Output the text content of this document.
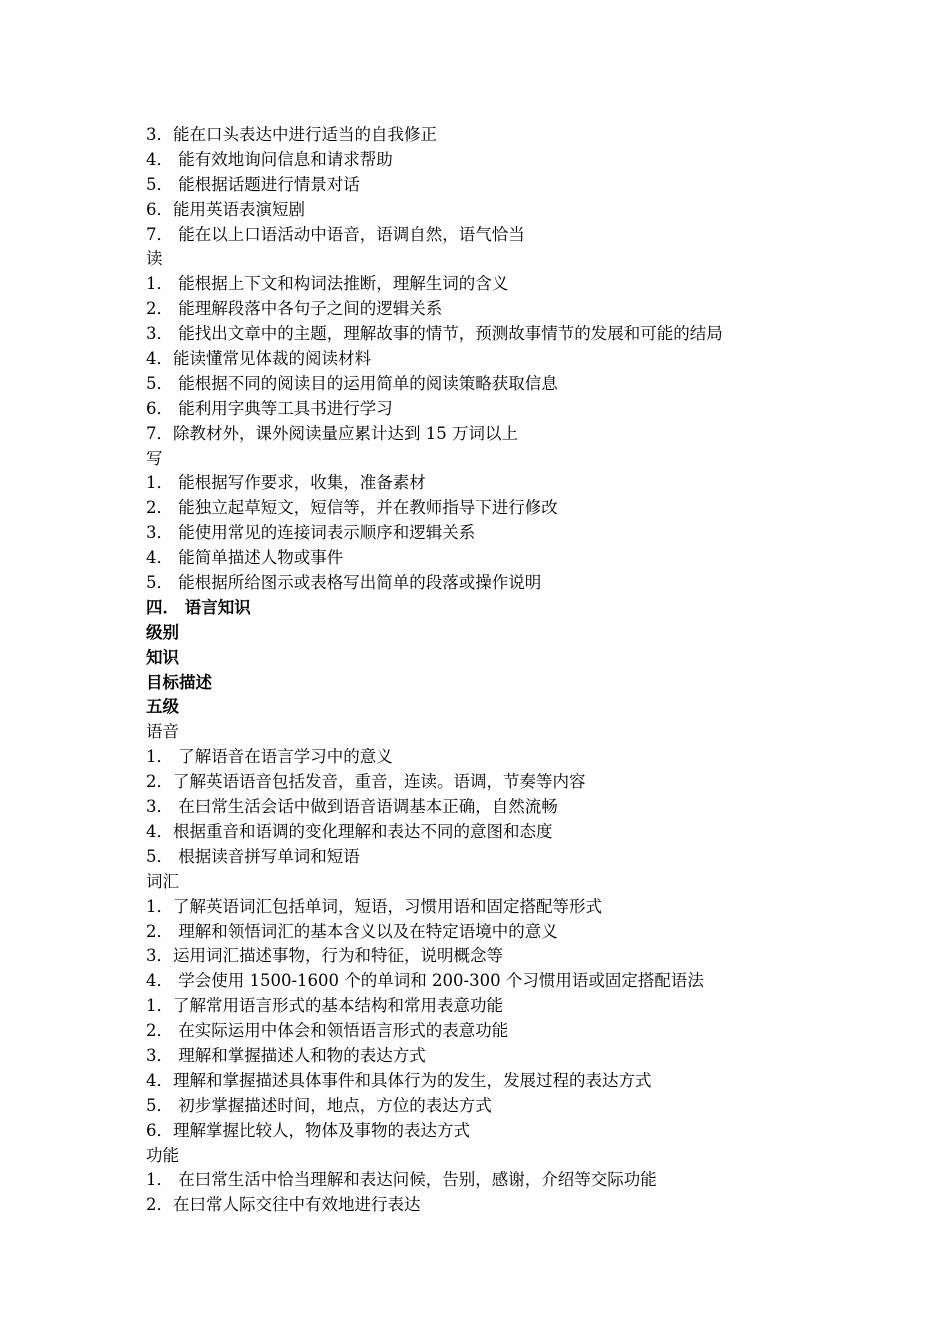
3．能在口头表达中进行适当的自我修正
4． 能有效地询问信息和请求帮助
5． 能根据话题进行情景对话
6．能用英语表演短剧
7． 能在以上口语活动中语音，语调自然，语气恰当
读
1． 能根据上下文和构词法推断，理解生词的含义
2． 能理解段落中各句子之间的逻辑关系
3． 能找出文章中的主题，理解故事的情节，预测故事情节的发展和可能的结局
4．能读懂常见体裁的阅读材料
5． 能根据不同的阅读目的运用简单的阅读策略获取信息
6． 能利用字典等工具书进行学习
7．除教材外，课外阅读量应累计达到 15 万词以上
写
1． 能根据写作要求，收集，准备素材
2． 能独立起草短文，短信等，并在教师指导下进行修改
3． 能使用常见的连接词表示顺序和逻辑关系
4． 能简单描述人物或事件
5． 能根据所给图示或表格写出简单的段落或操作说明
四． 语言知识
级别
知识
目标描述
五级
语音
1． 了解语音在语言学习中的意义
2．了解英语语音包括发音，重音，连读。语调，节奏等内容
3． 在曰常生活会话中做到语音语调基本正确，自然流畅
4．根据重音和语调的变化理解和表达不同的意图和态度
5． 根据读音拼写单词和短语
词汇
1．了解英语词汇包括单词，短语，习惯用语和固定搭配等形式
2． 理解和领悟词汇的基本含义以及在特定语境中的意义
3．运用词汇描述事物，行为和特征，说明概念等
4． 学会使用 1500-1600 个的单词和 200-300 个习惯用语或固定搭配语法
1．了解常用语言形式的基本结构和常用表意功能
2． 在实际运用中体会和领悟语言形式的表意功能
3． 理解和掌握描述人和物的表达方式
4．理解和掌握描述具体事件和具体行为的发生，发展过程的表达方式
5． 初步掌握描述时间，地点，方位的表达方式
6．理解掌握比较人，物体及事物的表达方式
功能
1． 在曰常生活中恰当理解和表达问候，告别，感谢，介绍等交际功能
2．在曰常人际交往中有效地进行表达
